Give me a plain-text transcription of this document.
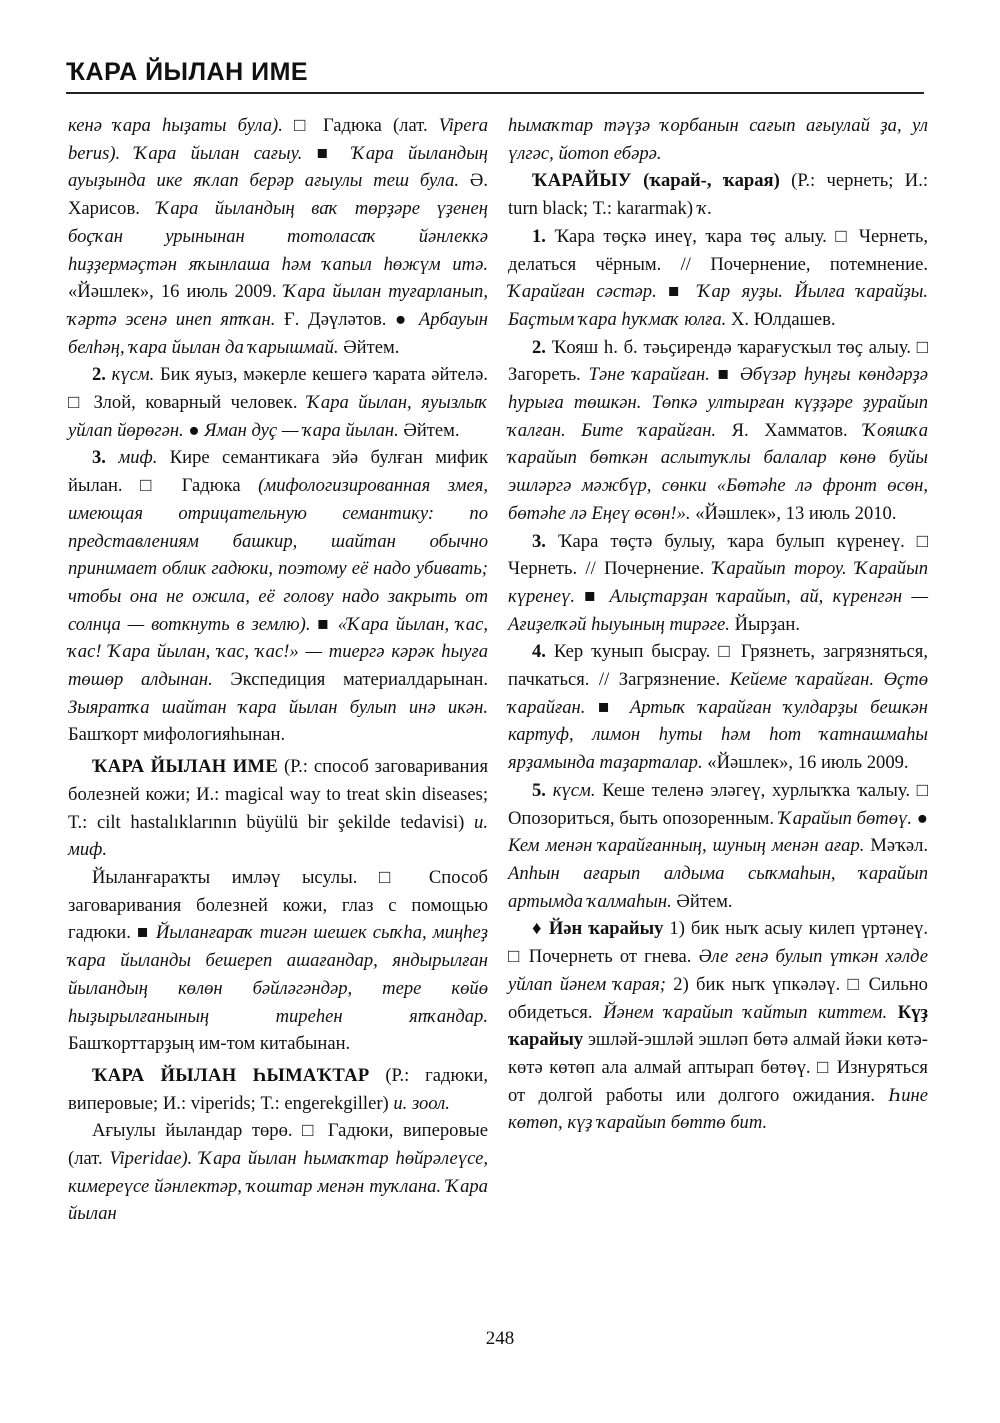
ҠАРА ЙЫЛАН ИМЕ

кенә ҡара һыҙаты була). □ Гадюка (лат. Vipera berus). Ҡара йылан сағыу. ■ Ҡара йыландың ауыҙында ике яҡлап берәр ағыулы теш була. Ә. Харисов. Ҡара йыландың ваҡ төрҙәре үҙенең боҫҡан урынынан тотоласаҡ йәнлеккә һиҙҙермәҫтән яҡынлаша һәм ҡапыл һөжүм итә. «Йәшлек», 16 июль 2009. Ҡара йылан туғарланып, ҡәртә эсенә инеп ятҡан. Ғ. Дәүләтов. ● Арбауын белһәң, ҡара йылан да ҡарышмай. Әйтем.

2. күсм. Бик яуыз, мәкерле кешегә ҡарата әйтелә. □ Злой, коварный человек. Ҡара йылан, яуызлыҡ уйлап йөрөгән. ● Яман дуҫ — ҡара йылан. Әйтем.

3. миф. Кире семантикаға эйә булған мифик йылан. □ Гадюка (мифологизированная змея, имеющая отрицательную семантику: по представлениям башкир, шайтан обычно принимает облик гадюки, поэтому её надо убивать; чтобы она не ожила, её голову надо закрыть от солнца — воткнуть в землю). ■ «Ҡара йылан, ҡас, ҡас! Ҡара йылан, ҡас, ҡас!» — тиергә кәрәк һыуға төшөр алдынан. Экспедиция материалдарынан. Зыяратҡа шайтан ҡара йылан булып инә икән. Башҡорт мифологияһынан.

ҠАРА ЙЫЛАН ИМЕ (Р.: способ заговаривания болезней кожи; И.: magical way to treat skin diseases; Т.: cilt hastalıklarının büyülü bir şekilde tedavisi) и. миф.

Йыланғараҡты имләү ысулы. □ Способ заговаривания болезней кожи, глаз с помощью гадюки. ■ Йыланғараҡ тигән шешек сыҡһа, миңһеҙ ҡара йыланды бешереп ашағандар, яндырылған йыландың көлөн бәйләгәндәр, тере көйө һыҙырылғанының тиреһен япҡандар. Башҡорттарҙың им-том китабынан.

ҠАРА ЙЫЛАН ҺЫМАҠТАР (Р.: гадюки, виперовые; И.: viperids; Т.: engerekgiller) и. зоол.

Ағыулы йыландар төрө. □ Гадюки, виперовые (лат. Viperidae). Ҡара йылан һымаҡтар һөйрәлеүсе, кимереүсе йәнлектәр, ҡоштар менән туҡлана. Ҡара йылан

һымаҡтар тәүҙә ҡорбанын сағып ағыулай ҙа, ул үлгәс, йотоп ебәрә.

ҠАРАЙЫУ (ҡарай-, ҡарая) (Р.: чернеть; И.: turn black; Т.: kararmak) ҡ.

1. Ҡара төҫкә инеү, ҡара төҫ алыу. □ Чернеть, делаться чёрным. // Почернение, потемнение. Ҡарайған сәстәр. ■ Ҡар яуҙы. Йылға ҡарайҙы. Баҫтым ҡара һуҡмаҡ юлға. Х. Юлдашев.

2. Ҡояш һ. б. тәьҫирендә ҡарағусҡыл төҫ алыу. □ Загореть. Тәне ҡарайған. ■ Әбүзәр һуңғы көндәрҙә һурыға төшкән. Төпкә ултырған күҙҙәре ҙурайып ҡалған. Бите ҡарайған. Я. Хамматов. Ҡояшҡа ҡарайып бөткән аслытуҡлы балалар көнө буйы эшләргә мәжбүр, сөнки «Бөтәһе лә фронт өсөн, бөтәһе лә Еңеү өсөн!». «Йәшлек», 13 июль 2010.

3. Ҡара төҫтә булыу, ҡара булып күренеү. □ Чернеть. // Почернение. Ҡарайып тороу. Ҡарайып күренеү. ■ Алыҫтарҙан ҡарайып, ай, күренгән — Ағиҙелҡәй һыуының тирәге. Йырҙан.

4. Кер ҡунып бысрау. □ Грязнеть, загрязняться, пачкаться. // Загрязнение. Кейеме ҡарайған. Өҫтө ҡарайған. ■ Артыҡ ҡарайған ҡулдарҙы бешкән картуф, лимон һуты һәм һот ҡатнашмаһы ярҙамында таҙарталар. «Йәшлек», 16 июль 2009.

5. күсм. Кеше теленә эләгеү, хурлыҡҡа ҡалыу. □ Опозориться, быть опозоренным. Ҡарайып бөтөү. ● Кем менән ҡарайғанның, шуның менән ағар. Мәҡәл. Апһын ағарып алдыма сыҡмаһын, ҡарайып артымда ҡалмаһын. Әйтем.

♦ Йән ҡарайыу 1) бик ныҡ асыу килеп үртәнеү. □ Почернеть от гнева. Әле генә булып үткән хәлде уйлап йәнем ҡарая; 2) бик ныҡ үпкәләү. □ Сильно обидеться. Йәнем ҡарайып ҡайтып киттем. Күҙ ҡарайыу эшләй-эшләй эшләп бөтә алмай йәки көтә-көтә көтөп ала алмай аптырап бөтөү. □ Изнуряться от долгой работы или долгого ожидания. Һине көтөп, күҙ ҡарайып бөттө бит.

248
